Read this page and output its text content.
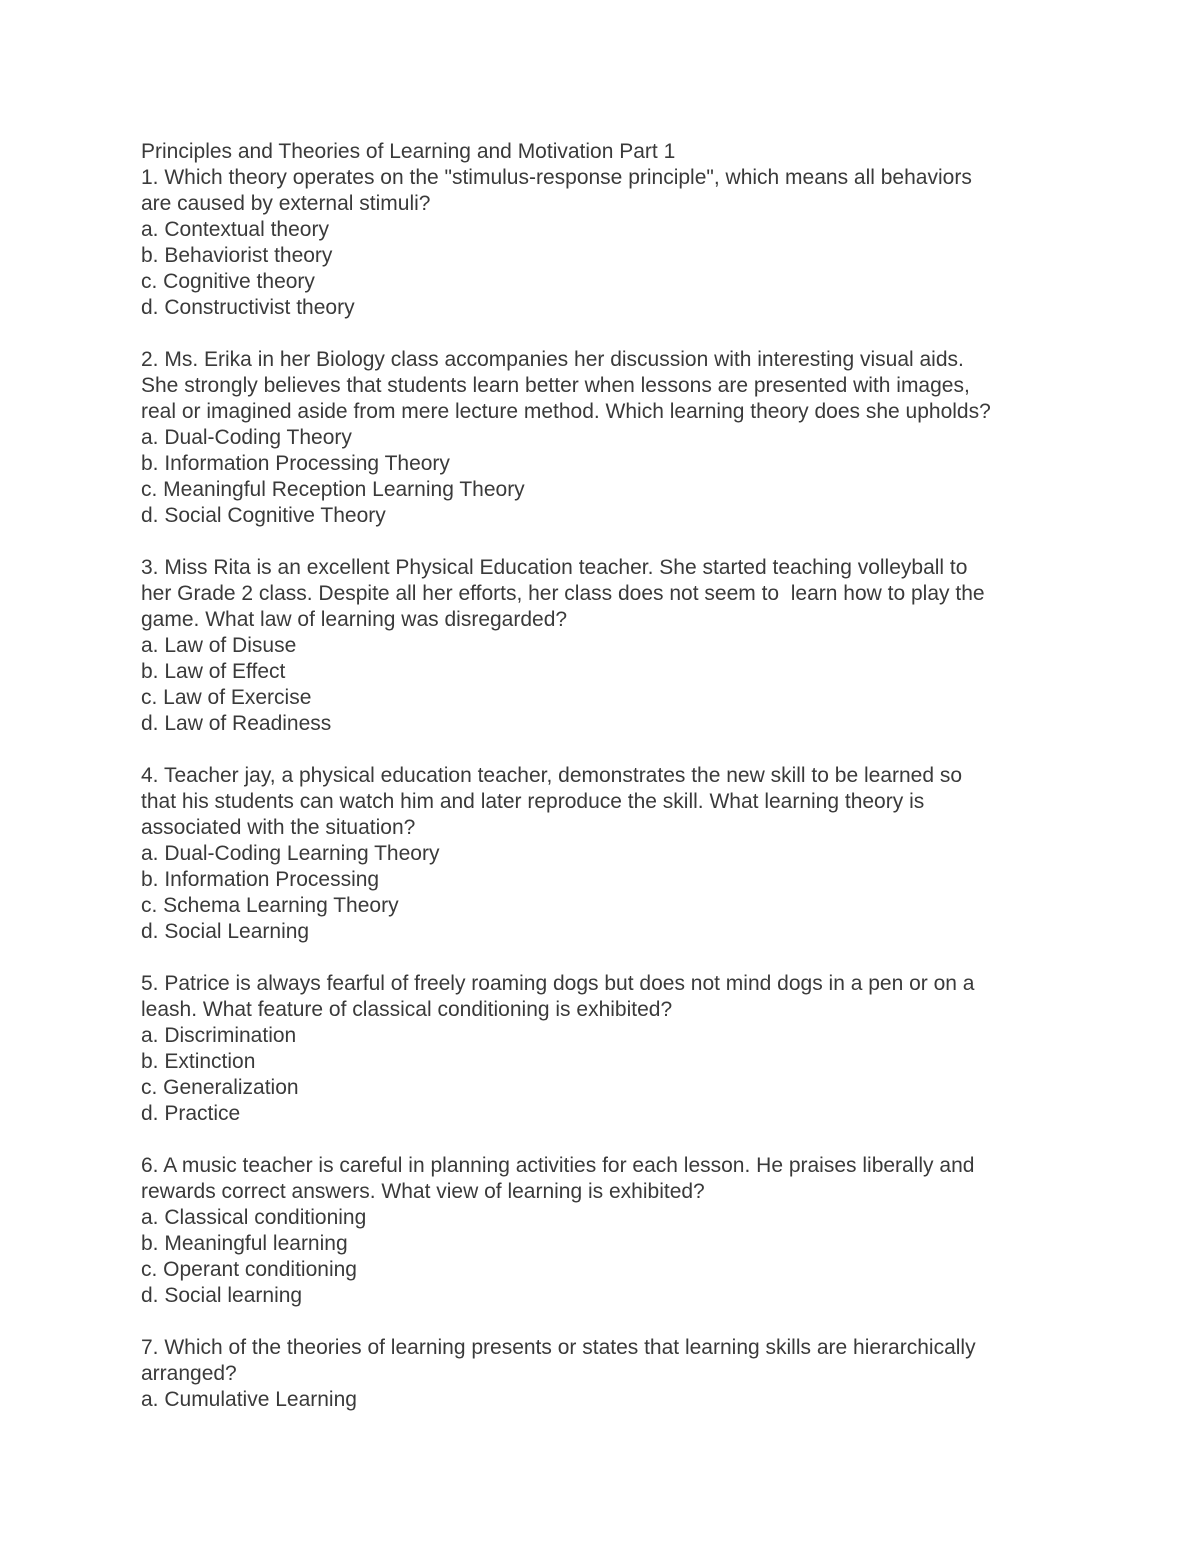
Principles and Theories of Learning and Motivation Part 1

1. Which theory operates on the "stimulus-response principle", which means all behaviors

are caused by external stimuli?

a. Contextual theory

b. Behaviorist theory

c. Cognitive theory

d. Constructivist theory

2. Ms. Erika in her Biology class accompanies her discussion with interesting visual aids.

She strongly believes that students learn better when lessons are presented with images,

real or imagined aside from mere lecture method. Which learning theory does she upholds?

a. Dual-Coding Theory

b. Information Processing Theory

c. Meaningful Reception Learning Theory

d. Social Cognitive Theory

3. Miss Rita is an excellent Physical Education teacher. She started teaching volleyball to

her Grade 2 class. Despite all her efforts, her class does not seem to  learn how to play the

game. What law of learning was disregarded?

a. Law of Disuse

b. Law of Effect

c. Law of Exercise

d. Law of Readiness

4. Teacher jay, a physical education teacher, demonstrates the new skill to be learned so

that his students can watch him and later reproduce the skill. What learning theory is

associated with the situation?

a. Dual-Coding Learning Theory

b. Information Processing

c. Schema Learning Theory

d. Social Learning

5. Patrice is always fearful of freely roaming dogs but does not mind dogs in a pen or on a

leash. What feature of classical conditioning is exhibited?

a. Discrimination

b. Extinction

c. Generalization

d. Practice

6. A music teacher is careful in planning activities for each lesson. He praises liberally and

rewards correct answers. What view of learning is exhibited?

a. Classical conditioning

b. Meaningful learning

c. Operant conditioning

d. Social learning

7. Which of the theories of learning presents or states that learning skills are hierarchically

arranged?

a. Cumulative Learning
